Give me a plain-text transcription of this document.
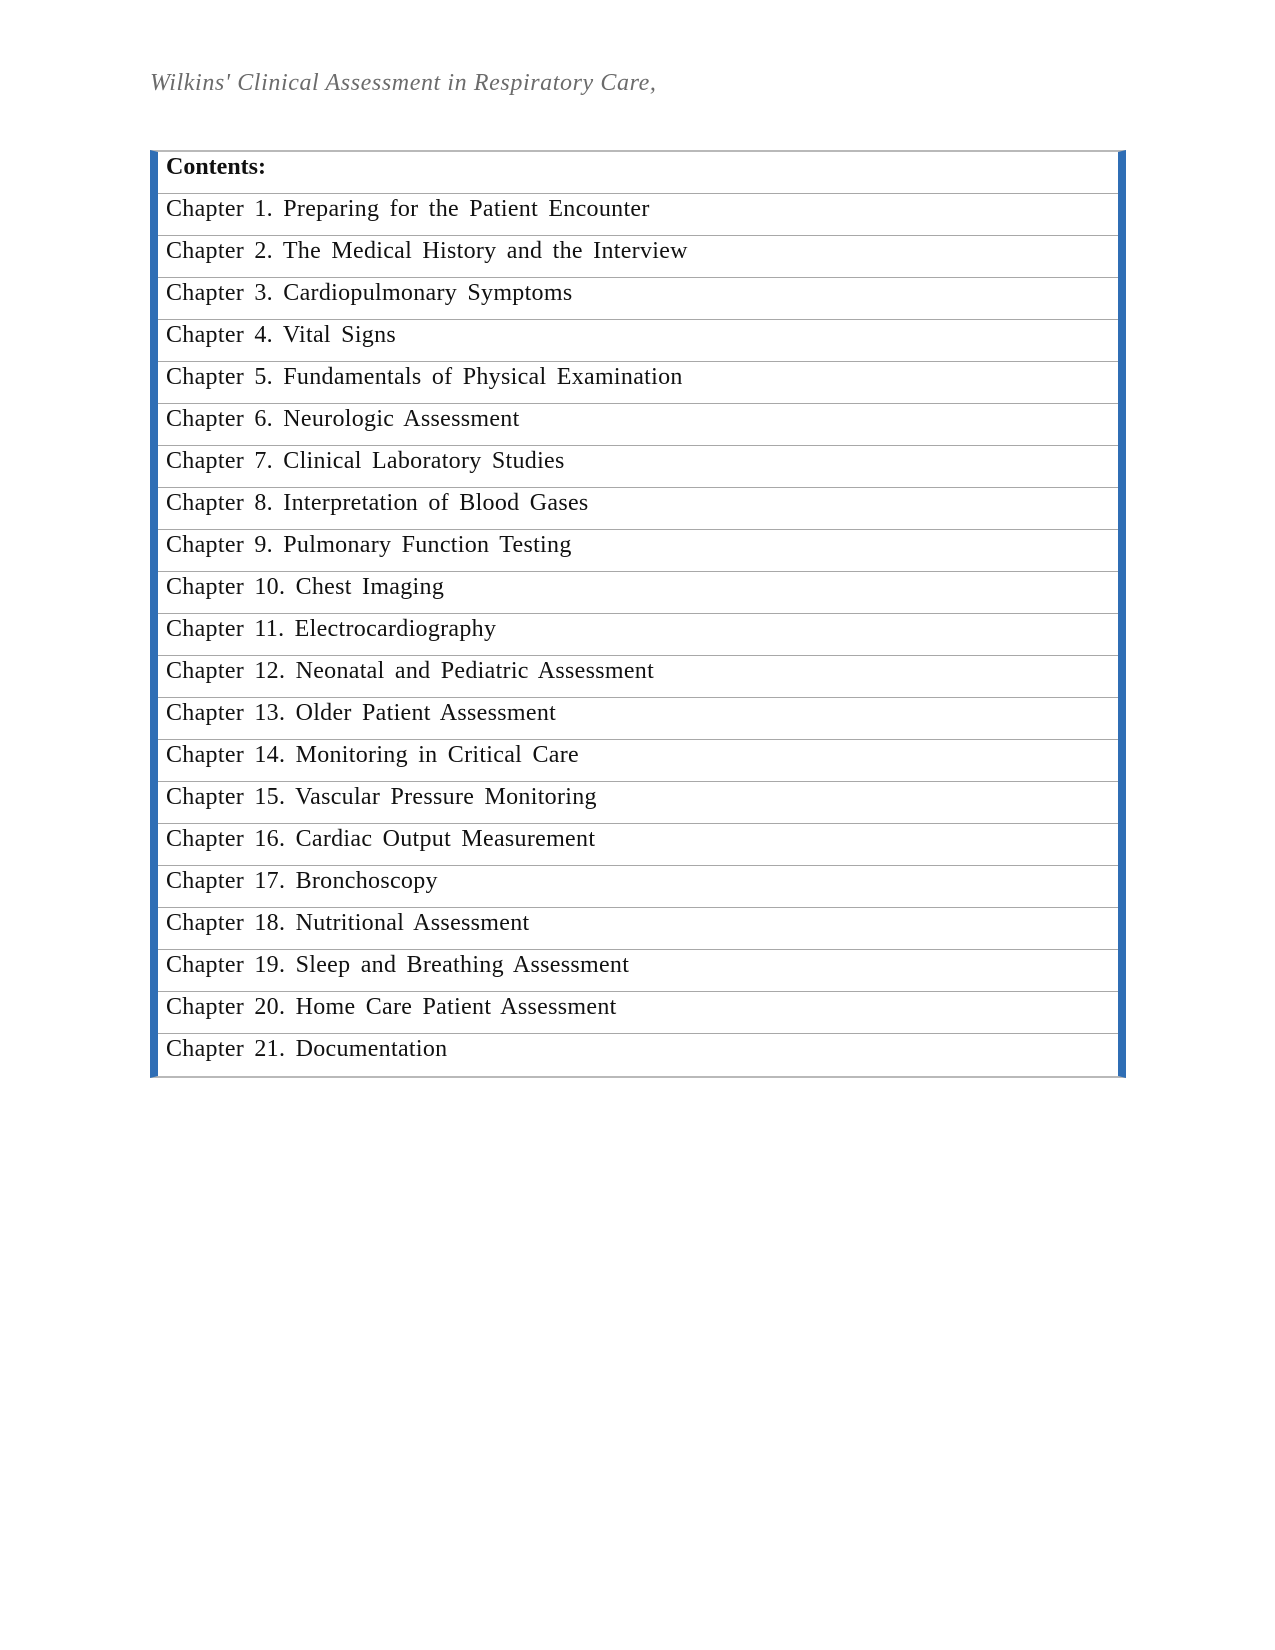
Wilkins' Clinical Assessment in Respiratory Care,
Contents:
Chapter 1. Preparing for the Patient Encounter
Chapter 2. The Medical History and the Interview
Chapter 3. Cardiopulmonary Symptoms
Chapter 4. Vital Signs
Chapter 5. Fundamentals of Physical Examination
Chapter 6. Neurologic Assessment
Chapter 7. Clinical Laboratory Studies
Chapter 8. Interpretation of Blood Gases
Chapter 9. Pulmonary Function Testing
Chapter 10. Chest Imaging
Chapter 11. Electrocardiography
Chapter 12. Neonatal and Pediatric Assessment
Chapter 13. Older Patient Assessment
Chapter 14. Monitoring in Critical Care
Chapter 15. Vascular Pressure Monitoring
Chapter 16. Cardiac Output Measurement
Chapter 17. Bronchoscopy
Chapter 18. Nutritional Assessment
Chapter 19. Sleep and Breathing Assessment
Chapter 20. Home Care Patient Assessment
Chapter 21. Documentation
